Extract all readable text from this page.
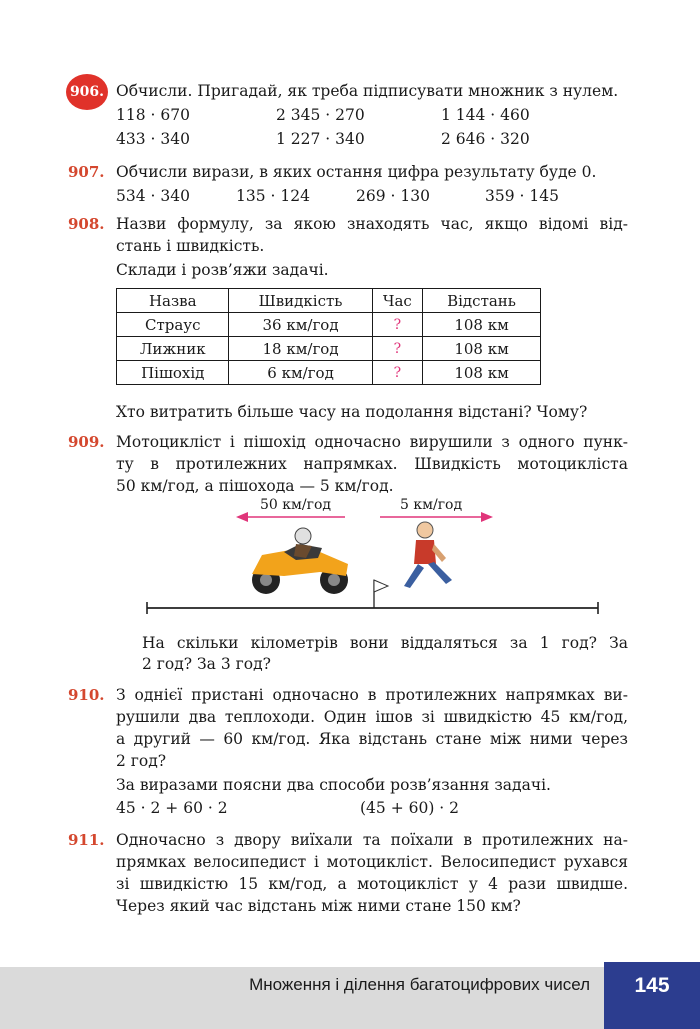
906. Обчисли. Пригадай, як треба підписувати множник з нулем.
118 · 670	2 345 · 270	1 144 · 460
433 · 340	1 227 · 340	2 646 · 320
907. Обчисли вирази, в яких остання цифра результату буде 0.
534 · 340	135 · 124	269 · 130	359 · 145
908. Назви формулу, за якою знаходять час, якщо відомі від-
стань і швидкість.
Склади і розв’яжи задачі.
Назва	Швидкість	Час	Відстань
Страус	36 км/год	?	108 км
Лижник	18 км/год	?	108 км
Пішохід	6 км/год	?	108 км
Хто витратить більше часу на подолання відстані? Чому?
909. Мотоцикліст і пішохід одночасно вирушили з одного пунк-
ту в протилежних напрямках. Швидкість мотоцикліста
50 км/год, а пішохода — 5 км/год.
50 км/год	5 км/год
На скільки кілометрів вони віддаляться за 1 год? За
2 год? За 3 год?
910. З однієї пристані одночасно в протилежних напрямках ви-
рушили два теплоходи. Один ішов зі швидкістю 45 км/год,
а другий — 60 км/год. Яка відстань стане між ними через
2 год?
За виразами поясни два способи розв’язання задачі.
45 · 2 + 60 · 2	(45 + 60) · 2
911. Одночасно з двору виїхали та поїхали в протилежних на-
прямках велосипедист і мотоцикліст. Велосипедист рухався
зі швидкістю 15 км/год, а мотоцикліст у 4 рази швидше.
Через який час відстань між ними стане 150 км?
Множення і ділення багатоцифрових чисел	145
